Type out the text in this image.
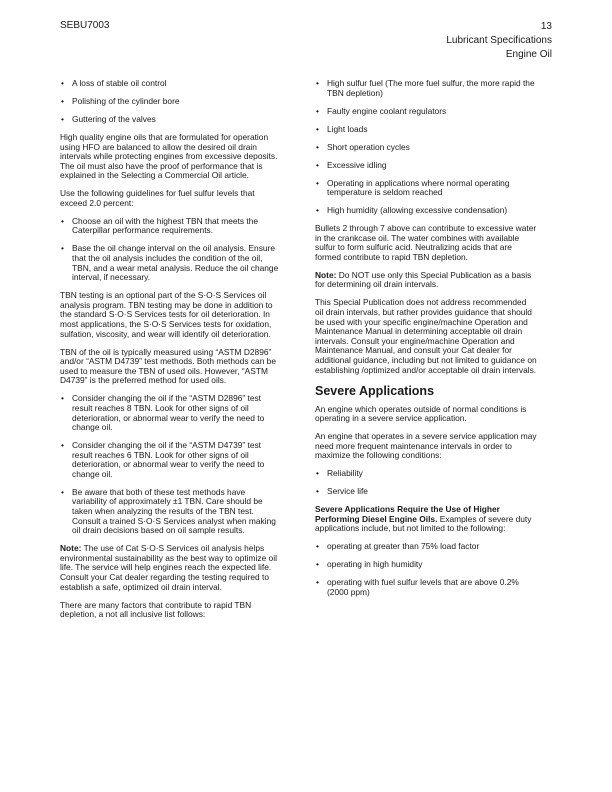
SEBU7003	13
Lubricant Specifications
Engine Oil
• A loss of stable oil control
• Polishing of the cylinder bore
• Guttering of the valves

High quality engine oils that are formulated for operation using HFO are balanced to allow the desired oil drain intervals while protecting engines from excessive deposits. The oil must also have the proof of performance that is explained in the Selecting a Commercial Oil article.

Use the following guidelines for fuel sulfur levels that exceed 2.0 percent:

• Choose an oil with the highest TBN that meets the Caterpillar performance requirements.
• Base the oil change interval on the oil analysis. Ensure that the oil analysis includes the condition of the oil, TBN, and a wear metal analysis. Reduce the oil change interval, if necessary.

TBN testing is an optional part of the S·O·S Services oil analysis program. TBN testing may be done in addition to the standard S·O·S Services tests for oil deterioration. In most applications, the S·O·S Services tests for oxidation, sulfation, viscosity, and wear will identify oil deterioration.

TBN of the oil is typically measured using “ASTM D2896” and/or “ASTM D4739” test methods. Both methods can be used to measure the TBN of used oils. However, “ASTM D4739” is the preferred method for used oils.

• Consider changing the oil if the “ASTM D2896” test result reaches 8 TBN. Look for other signs of oil deterioration, or abnormal wear to verify the need to change oil.
• Consider changing the oil if the “ASTM D4739” test result reaches 6 TBN. Look for other signs of oil deterioration, or abnormal wear to verify the need to change oil.
• Be aware that both of these test methods have variability of approximately ±1 TBN. Care should be taken when analyzing the results of the TBN test. Consult a trained S·O·S Services analyst when making oil drain decisions based on oil sample results.

Note: The use of Cat S·O·S Services oil analysis helps environmental sustainability as the best way to optimize oil life. The service will help engines reach the expected life. Consult your Cat dealer regarding the testing required to establish a safe, optimized oil drain interval.

There are many factors that contribute to rapid TBN depletion, a not all inclusive list follows:

• High sulfur fuel (The more fuel sulfur, the more rapid the TBN depletion)
• Faulty engine coolant regulators
• Light loads
• Short operation cycles
• Excessive idling
• Operating in applications where normal operating temperature is seldom reached
• High humidity (allowing excessive condensation)

Bullets 2 through 7 above can contribute to excessive water in the crankcase oil. The water combines with available sulfur to form sulfuric acid. Neutralizing acids that are formed contribute to rapid TBN depletion.

Note: Do NOT use only this Special Publication as a basis for determining oil drain intervals.

This Special Publication does not address recommended oil drain intervals, but rather provides guidance that should be used with your specific engine/machine Operation and Maintenance Manual in determining acceptable oil drain intervals. Consult your engine/machine Operation and Maintenance Manual, and consult your Cat dealer for additional guidance, including but not limited to guidance on establishing /optimized and/or acceptable oil drain intervals.

Severe Applications

An engine which operates outside of normal conditions is operating in a severe service application.

An engine that operates in a severe service application may need more frequent maintenance intervals in order to maximize the following conditions:

• Reliability
• Service life

Severe Applications Require the Use of Higher Performing Diesel Engine Oils. Examples of severe duty applications include, but not limited to the following:

• operating at greater than 75% load factor
• operating in high humidity
• operating with fuel sulfur levels that are above 0.2% (2000 ppm)
